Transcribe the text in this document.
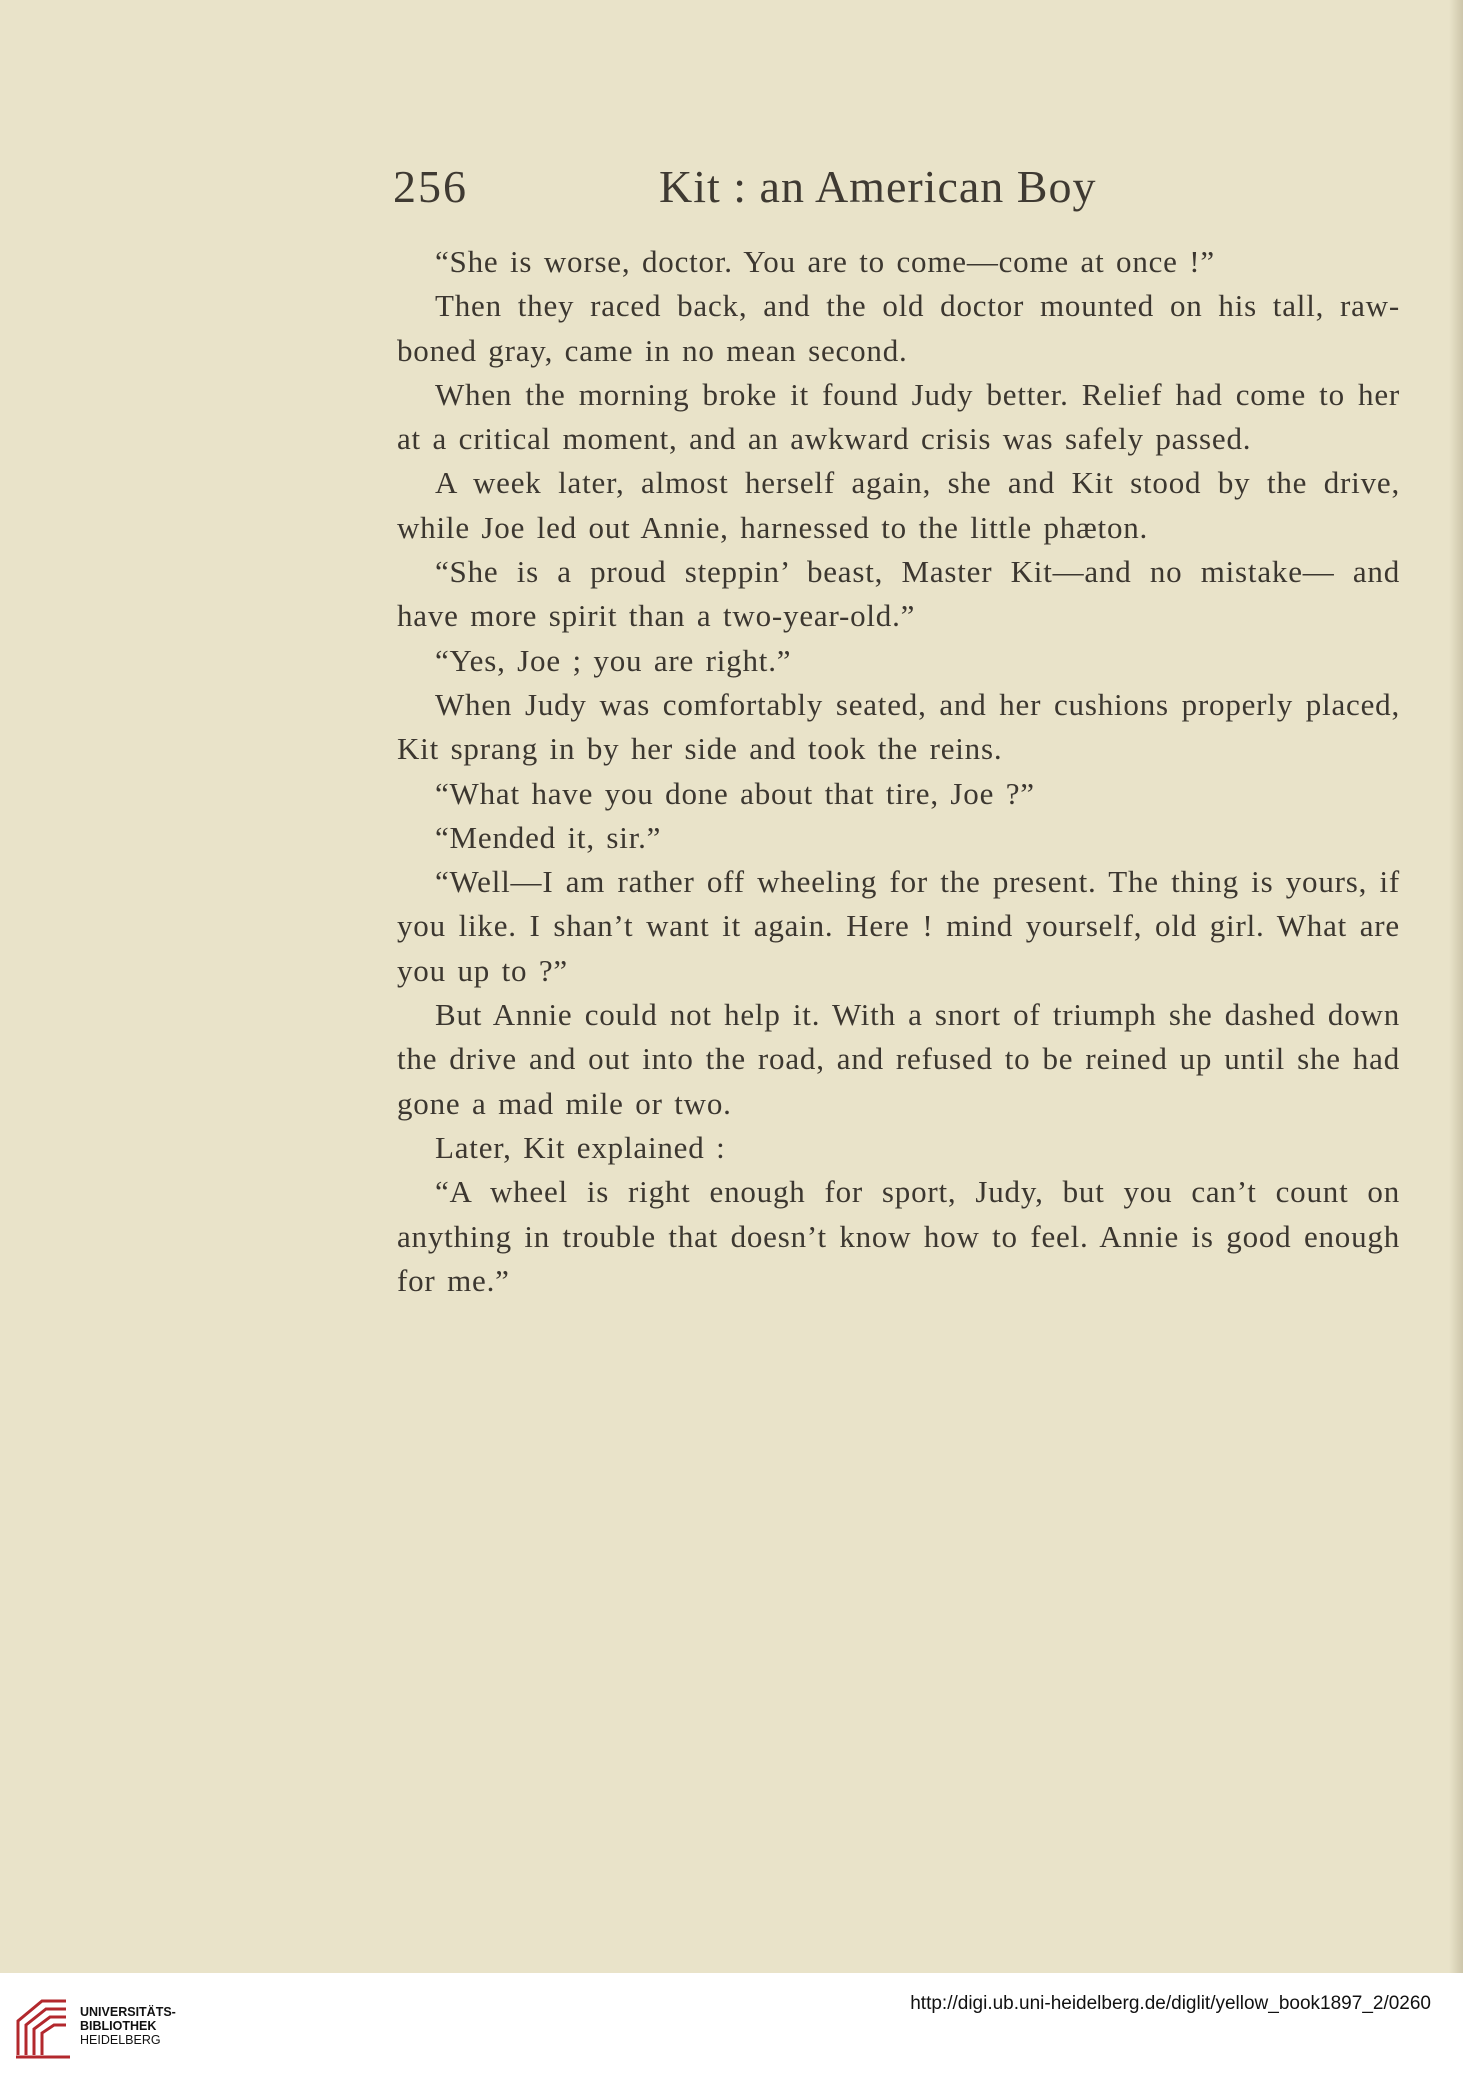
256	Kit : an American Boy

“She is worse, doctor. You are to come—come at once !”

Then they raced back, and the old doctor mounted on his tall, raw-boned gray, came in no mean second.

When the morning broke it found Judy better. Relief had come to her at a critical moment, and an awkward crisis was safely passed.

A week later, almost herself again, she and Kit stood by the drive, while Joe led out Annie, harnessed to the little phæton.

“She is a proud steppin’ beast, Master Kit—and no mistake— and have more spirit than a two-year-old.”

“Yes, Joe ; you are right.”

When Judy was comfortably seated, and her cushions properly placed, Kit sprang in by her side and took the reins.

“What have you done about that tire, Joe ?”

“Mended it, sir.”

“Well—I am rather off wheeling for the present. The thing is yours, if you like. I shan’t want it again. Here ! mind yourself, old girl. What are you up to ?”

But Annie could not help it. With a snort of triumph she dashed down the drive and out into the road, and refused to be reined up until she had gone a mad mile or two.

Later, Kit explained :

“A wheel is right enough for sport, Judy, but you can’t count on anything in trouble that doesn’t know how to feel. Annie is good enough for me.”

UNIVERSITÄTS-
BIBLIOTHEK
HEIDELBERG
http://digi.ub.uni-heidelberg.de/diglit/yellow_book1897_2/0260
